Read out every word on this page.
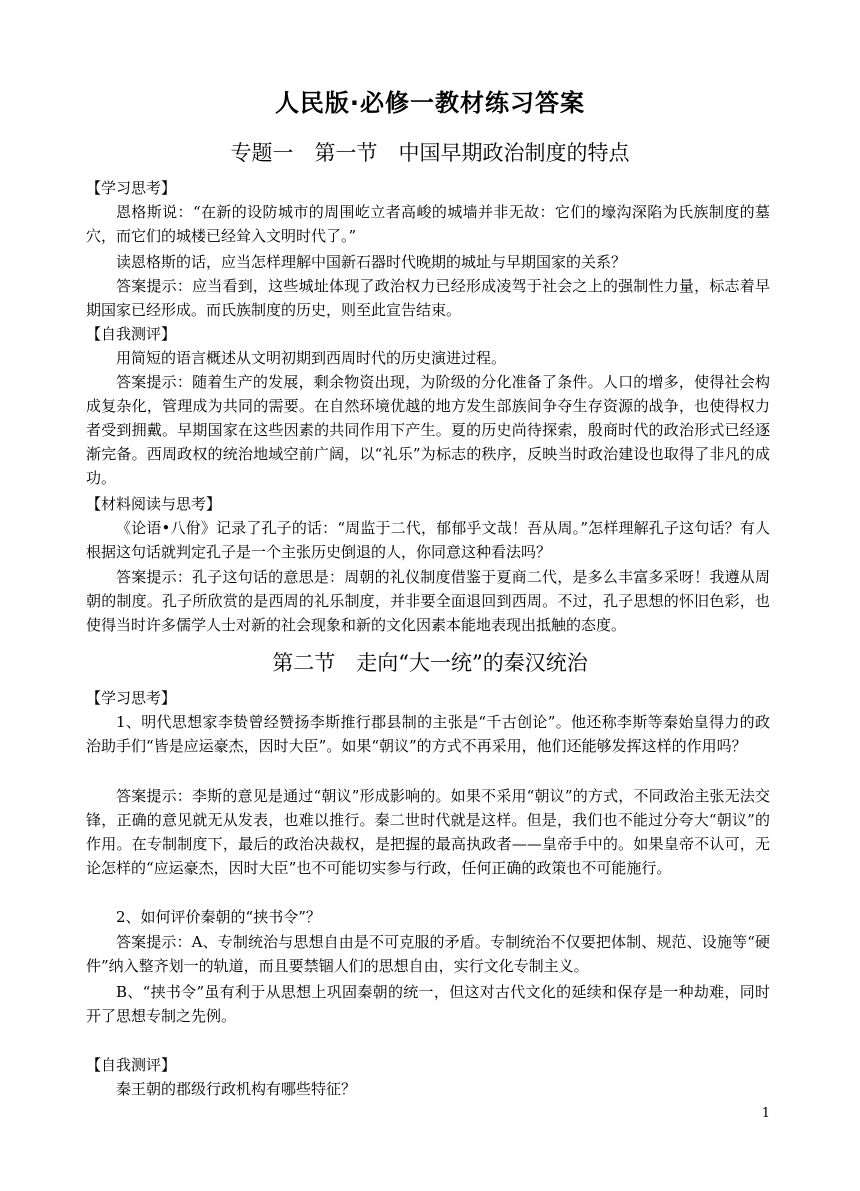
人民版·必修一教材练习答案
专题一　第一节　中国早期政治制度的特点

【学习思考】

恩格斯说：“在新的设防城市的周围屹立者高峻的城墙并非无故：它们的壕沟深陷为氏族制度的墓穴，而它们的城楼已经耸入文明时代了。”

读恩格斯的话，应当怎样理解中国新石器时代晚期的城址与早期国家的关系？

答案提示：应当看到，这些城址体现了政治权力已经形成凌驾于社会之上的强制性力量，标志着早期国家已经形成。而氏族制度的历史，则至此宣告结束。

【自我测评】

用简短的语言概述从文明初期到西周时代的历史演进过程。

答案提示：随着生产的发展，剩余物资出现，为阶级的分化准备了条件。人口的增多，使得社会构成复杂化，管理成为共同的需要。在自然环境优越的地方发生部族间争夺生存资源的战争，也使得权力者受到拥戴。早期国家在这些因素的共同作用下产生。夏的历史尚待探索，殷商时代的政治形式已经逐渐完备。西周政权的统治地域空前广阔，以“礼乐”为标志的秩序，反映当时政治建设也取得了非凡的成功。

【材料阅读与思考】

《论语•八佾》记录了孔子的话：“周监于二代，郁郁乎文哉！吾从周。”怎样理解孔子这句话？有人根据这句话就判定孔子是一个主张历史倒退的人，你同意这种看法吗？

答案提示：孔子这句话的意思是：周朝的礼仪制度借鉴于夏商二代，是多么丰富多采呀！我遵从周朝的制度。孔子所欣赏的是西周的礼乐制度，并非要全面退回到西周。不过，孔子思想的怀旧色彩，也使得当时许多儒学人士对新的社会现象和新的文化因素本能地表现出抵触的态度。

第二节　走向“大一统”的秦汉统治

【学习思考】

1、明代思想家李贽曾经赞扬李斯推行郡县制的主张是“千古创论”。他还称李斯等秦始皇得力的政治助手们“皆是应运豪杰，因时大臣”。如果“朝议”的方式不再采用，他们还能够发挥这样的作用吗？

答案提示：李斯的意见是通过“朝议”形成影响的。如果不采用“朝议”的方式，不同政治主张无法交锋，正确的意见就无从发表，也难以推行。秦二世时代就是这样。但是，我们也不能过分夸大“朝议”的作用。在专制制度下，最后的政治决裁权，是把握的最高执政者——皇帝手中的。如果皇帝不认可，无论怎样的“应运豪杰，因时大臣”也不可能切实参与行政，任何正确的政策也不可能施行。

2、如何评价秦朝的“挟书令”？

答案提示：A、专制统治与思想自由是不可克服的矛盾。专制统治不仅要把体制、规范、设施等“硬件”纳入整齐划一的轨道，而且要禁锢人们的思想自由，实行文化专制主义。

B、“挟书令”虽有利于从思想上巩固秦朝的统一，但这对古代文化的延续和保存是一种劫难，同时开了思想专制之先例。

【自我测评】

秦王朝的郡级行政机构有哪些特征？

1
